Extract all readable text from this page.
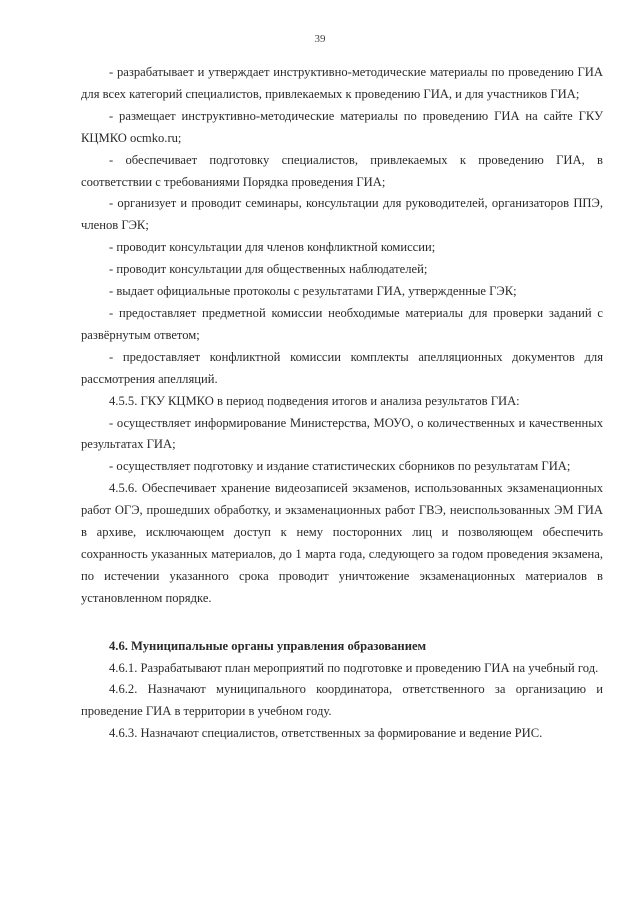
39

- разрабатывает и утверждает инструктивно-методические материалы по проведению ГИА для всех категорий специалистов, привлекаемых к проведению ГИА, и для участников ГИА;

- размещает инструктивно-методические материалы по проведению ГИА на сайте ГКУ КЦМКО ocmko.ru;

- обеспечивает подготовку специалистов, привлекаемых к проведению ГИА, в соответствии с требованиями Порядка проведения ГИА;

- организует и проводит семинары, консультации для руководителей, организаторов ППЭ, членов ГЭК;

- проводит консультации для членов конфликтной комиссии;

- проводит консультации для общественных наблюдателей;

- выдает официальные протоколы с результатами ГИА, утвержденные ГЭК;

- предоставляет предметной комиссии необходимые материалы для проверки заданий с развёрнутым ответом;

- предоставляет конфликтной комиссии комплекты апелляционных документов для рассмотрения апелляций.

4.5.5. ГКУ КЦМКО в период подведения итогов и анализа результатов ГИА:

- осуществляет информирование Министерства, МОУО, о количественных и качественных результатах ГИА;

- осуществляет подготовку и издание статистических сборников по результатам ГИА;

4.5.6. Обеспечивает хранение видеозаписей экзаменов, использованных экзаменационных работ ОГЭ, прошедших обработку, и экзаменационных работ ГВЭ, неиспользованных ЭМ ГИА в архиве, исключающем доступ к нему посторонних лиц и позволяющем обеспечить сохранность указанных материалов, до 1 марта года, следующего за годом проведения экзамена, по истечении указанного срока проводит уничтожение экзаменационных материалов в установленном порядке.

4.6. Муниципальные органы управления образованием

4.6.1. Разрабатывают план мероприятий по подготовке и проведению ГИА на учебный год.

4.6.2. Назначают муниципального координатора, ответственного за организацию и проведение ГИА в территории в учебном году.

4.6.3. Назначают специалистов, ответственных за формирование и ведение РИС.
